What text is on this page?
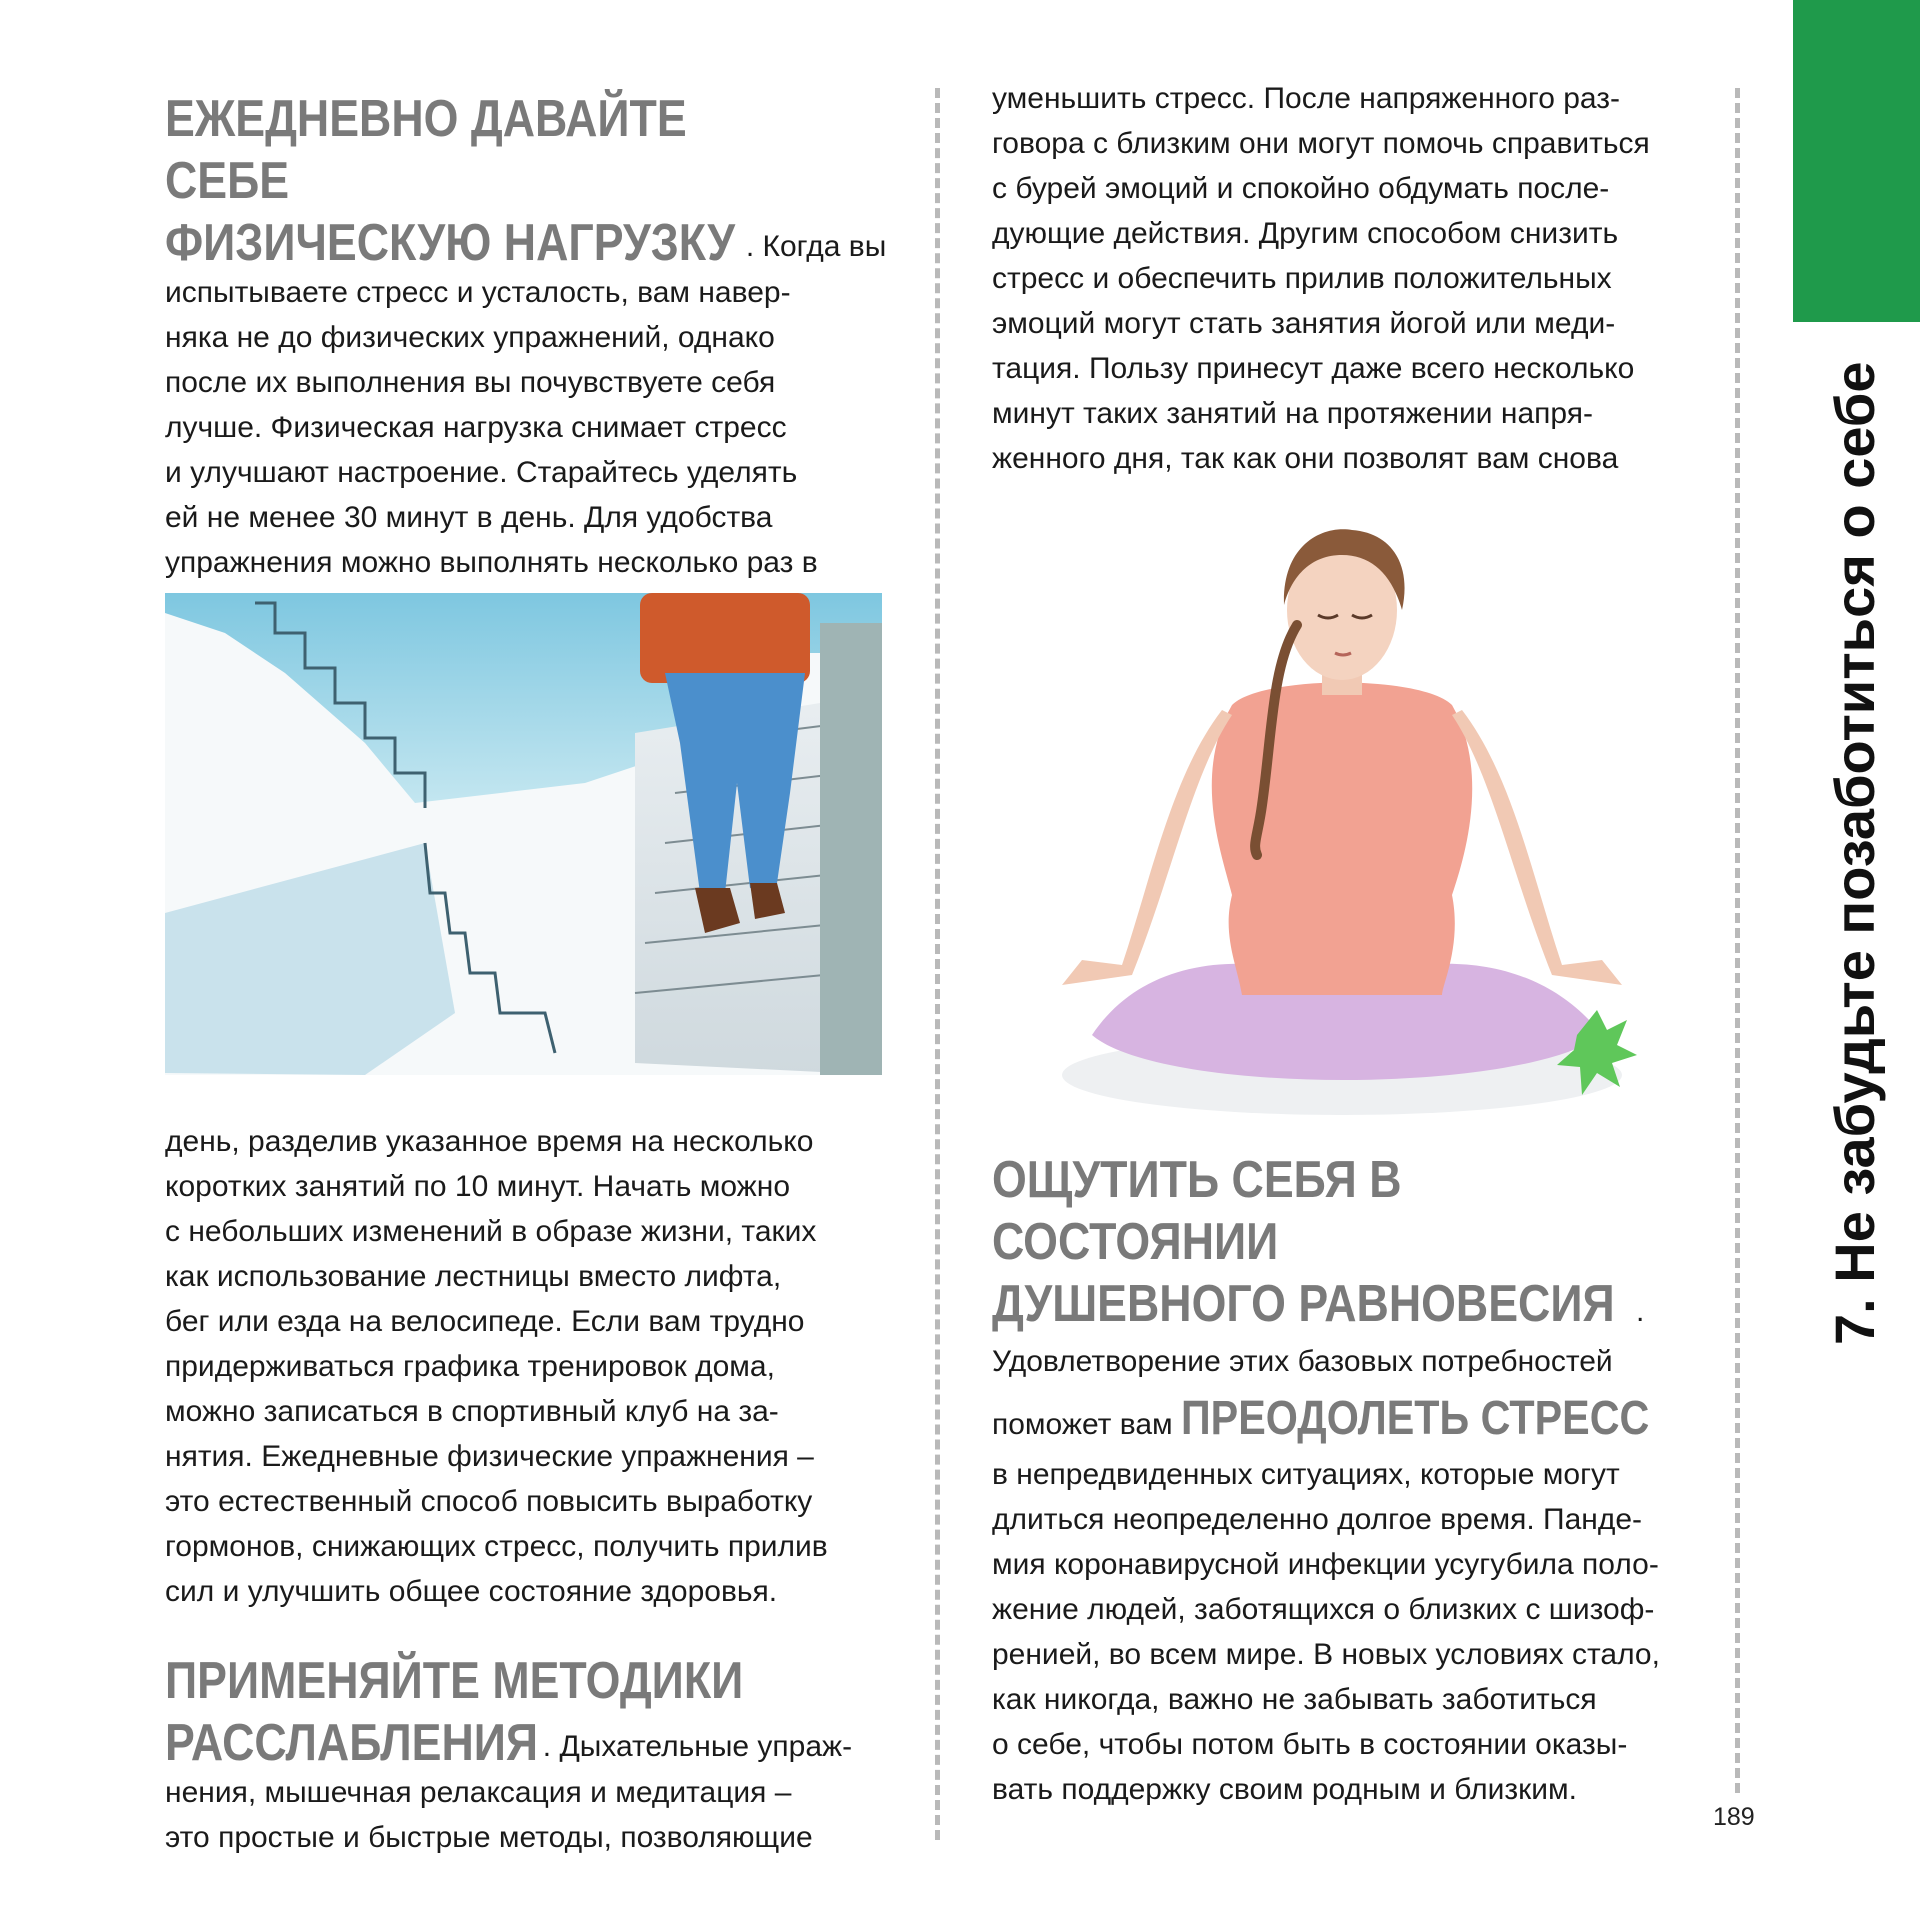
7. Не забудьте позаботиться о себе
ЕЖЕДНЕВНО ДАВАЙТЕ СЕБЕ
ФИЗИЧЕСКУЮ НАГРУЗКУ . Когда вы

испытываете стресс и усталость, вам навер-

няка не до физических упражнений, однако

после их выполнения вы почувствуете себя

лучше. Физическая нагрузка снимает стресс

и улучшают настроение. Старайтесь уделять

ей не менее 30 минут в день. Для удобства

упражнения можно выполнять несколько раз в

день, разделив указанное время на несколько

коротких занятий по 10 минут. Начать можно

с небольших изменений в образе жизни, таких

как использование лестницы вместо лифта,

бег или езда на велосипеде. Если вам трудно

придерживаться графика тренировок дома,

можно записаться в спортивный клуб на за-

нятия. Ежедневные физические упражнения –

это естественный способ повысить выработку

гормонов, снижающих стресс, получить прилив

сил и улучшить общее состояние здоровья.

ПРИМЕНЯЙТЕ МЕТОДИКИ
РАССЛАБЛЕНИЯ . Дыхательные упраж-

нения, мышечная релаксация и медитация –

это простые и быстрые методы, позволяющие

уменьшить стресс. После напряженного раз-

говора с близким они могут помочь справиться

с бурей эмоций и спокойно обдумать после-

дующие действия. Другим способом снизить

стресс и обеспечить прилив положительных

эмоций могут стать занятия йогой или меди-

тация. Пользу принесут даже всего несколько

минут таких занятий на протяжении напря-

женного дня, так как они позволят вам снова

ОЩУТИТЬ СЕБЯ В СОСТОЯНИИ
ДУШЕВНОГО РАВНОВЕСИЯ .

Удовлетворение этих базовых потребностей

поможет вам ПРЕОДОЛЕТЬ СТРЕСС

в непредвиденных ситуациях, которые могут

длиться неопределенно долгое время. Панде-

мия коронавирусной инфекции усугубила поло-

жение людей, заботящихся о близких с шизоф-

ренией, во всем мире. В новых условиях стало,

как никогда, важно не забывать заботиться

о себе, чтобы потом быть в состоянии оказы-

вать поддержку своим родным и близким.

189
